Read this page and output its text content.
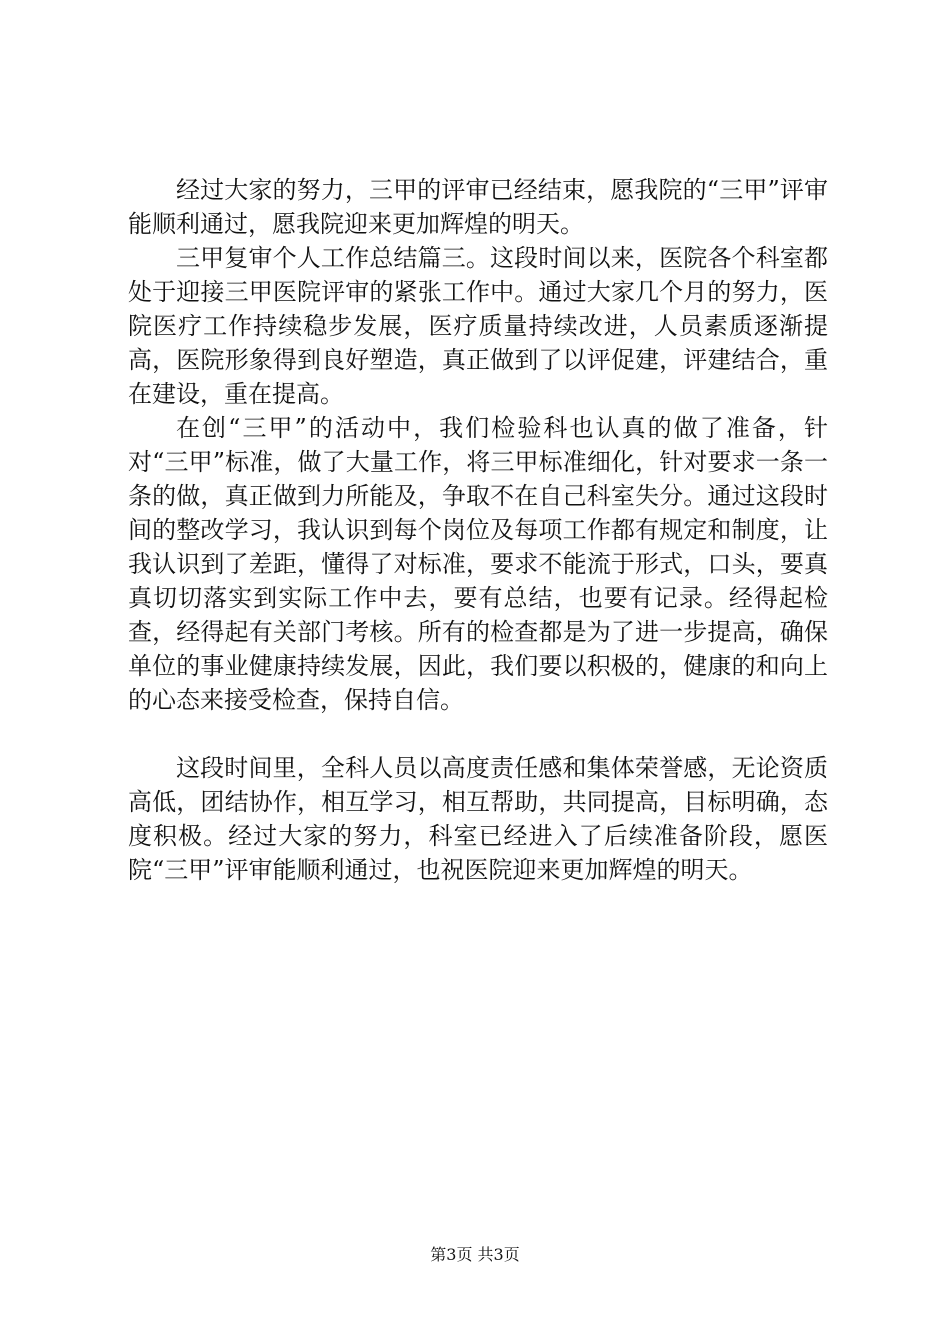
经过大家的努力，三甲的评审已经结束，愿我院的“三甲”评审能顺利通过，愿我院迎来更加辉煌的明天。

三甲复审个人工作总结篇三。这段时间以来，医院各个科室都处于迎接三甲医院评审的紧张工作中。通过大家几个月的努力，医院医疗工作持续稳步发展，医疗质量持续改进，人员素质逐渐提高，医院形象得到良好塑造，真正做到了以评促建，评建结合，重在建设，重在提高。

在创“三甲”的活动中，我们检验科也认真的做了准备，针对“三甲”标准，做了大量工作，将三甲标准细化，针对要求一条一条的做，真正做到力所能及，争取不在自己科室失分。通过这段时间的整改学习，我认识到每个岗位及每项工作都有规定和制度，让我认识到了差距，懂得了对标准，要求不能流于形式，口头，要真真切切落实到实际工作中去，要有总结，也要有记录。经得起检查，经得起有关部门考核。所有的检查都是为了进一步提高，确保单位的事业健康持续发展，因此，我们要以积极的，健康的和向上的心态来接受检查，保持自信。

这段时间里，全科人员以高度责任感和集体荣誉感，无论资质高低，团结协作，相互学习，相互帮助，共同提高，目标明确，态度积极。经过大家的努力，科室已经进入了后续准备阶段，愿医院“三甲”评审能顺利通过，也祝医院迎来更加辉煌的明天。

第3页 共3页
